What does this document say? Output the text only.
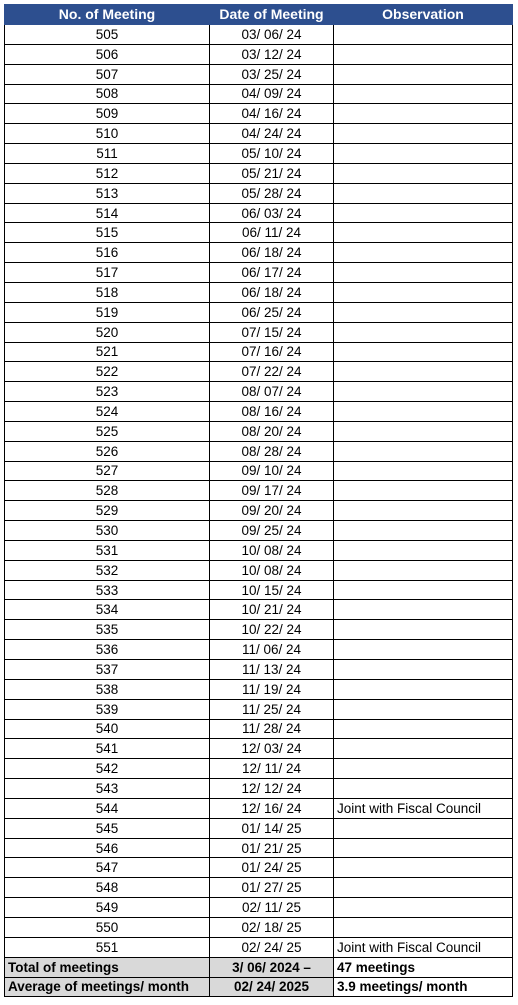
No. of Meeting	Date of Meeting	Observation
505	03/ 06/ 24	
506	03/ 12/ 24	
507	03/ 25/ 24	
508	04/ 09/ 24	
509	04/ 16/ 24	
510	04/ 24/ 24	
511	05/ 10/ 24	
512	05/ 21/ 24	
513	05/ 28/ 24	
514	06/ 03/ 24	
515	06/ 11/ 24	
516	06/ 18/ 24	
517	06/ 17/ 24	
518	06/ 18/ 24	
519	06/ 25/ 24	
520	07/ 15/ 24	
521	07/ 16/ 24	
522	07/ 22/ 24	
523	08/ 07/ 24	
524	08/ 16/ 24	
525	08/ 20/ 24	
526	08/ 28/ 24	
527	09/ 10/ 24	
528	09/ 17/ 24	
529	09/ 20/ 24	
530	09/ 25/ 24	
531	10/ 08/ 24	
532	10/ 08/ 24	
533	10/ 15/ 24	
534	10/ 21/ 24	
535	10/ 22/ 24	
536	11/ 06/ 24	
537	11/ 13/ 24	
538	11/ 19/ 24	
539	11/ 25/ 24	
540	11/ 28/ 24	
541	12/ 03/ 24	
542	12/ 11/ 24	
543	12/ 12/ 24	
544	12/ 16/ 24	Joint with Fiscal Council
545	01/ 14/ 25	
546	01/ 21/ 25	
547	01/ 24/ 25	
548	01/ 27/ 25	
549	02/ 11/ 25	
550	02/ 18/ 25	
551	02/ 24/ 25	Joint with Fiscal Council
Total of meetings	3/ 06/ 2024 –	47 meetings
Average of meetings/ month	02/ 24/ 2025	3.9 meetings/ month
